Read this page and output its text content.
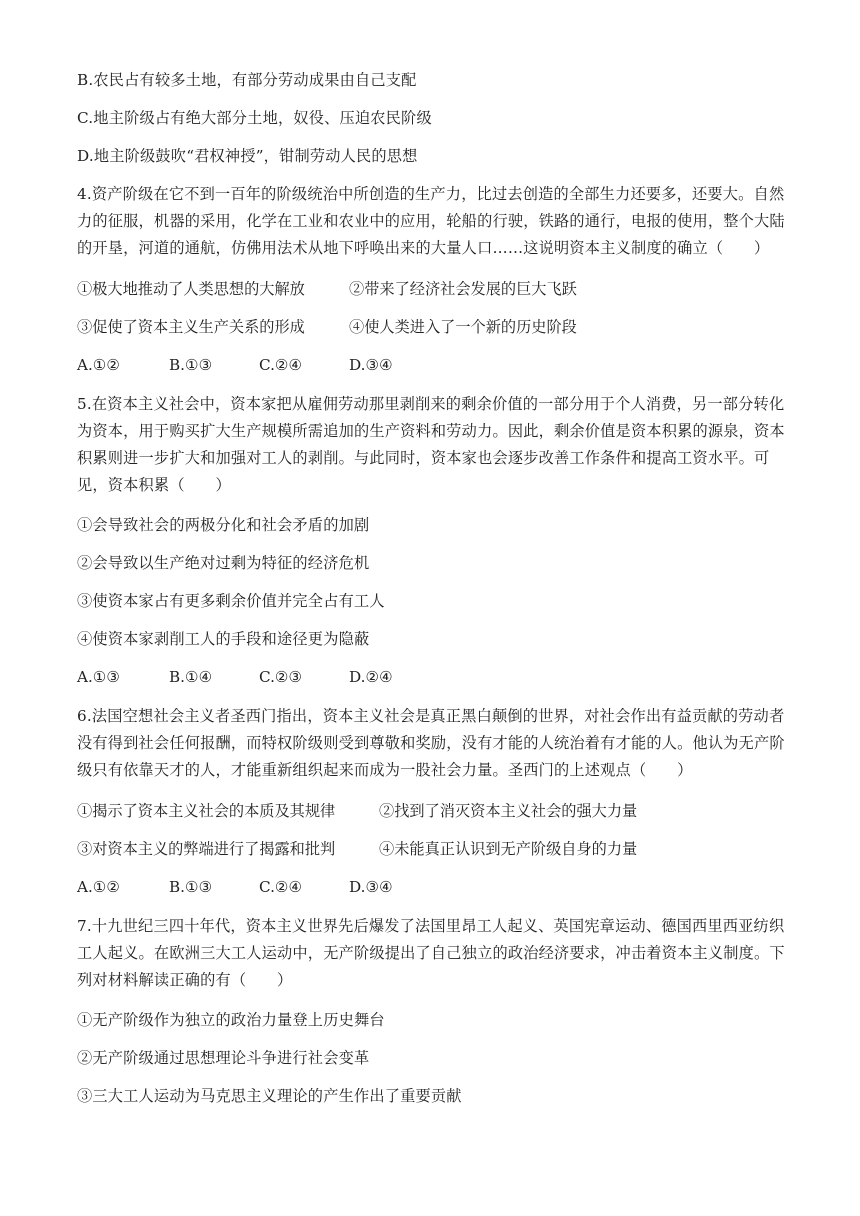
B.农民占有较多土地，有部分劳动成果由自己支配
C.地主阶级占有绝大部分土地，奴役、压迫农民阶级
D.地主阶级鼓吹“君权神授”，钳制劳动人民的思想
4.资产阶级在它不到一百年的阶级统治中所创造的生产力，比过去创造的全部生力还要多，还要大。自然力的征服，机器的采用，化学在工业和农业中的应用，轮船的行驶，铁路的通行，电报的使用，整个大陆的开垦，河道的通航，仿佛用法术从地下呼唤出来的大量人口……这说明资本主义制度的确立（　　）
①极大地推动了人类思想的大解放	②带来了经济社会发展的巨大飞跃
③促使了资本主义生产关系的形成	④使人类进入了一个新的历史阶段
A.①②	B.①③	C.②④	D.③④
5.在资本主义社会中，资本家把从雇佣劳动那里剥削来的剩余价值的一部分用于个人消费，另一部分转化为资本，用于购买扩大生产规模所需追加的生产资料和劳动力。因此，剩余价值是资本积累的源泉，资本积累则进一步扩大和加强对工人的剥削。与此同时，资本家也会逐步改善工作条件和提高工资水平。可见，资本积累（　　）
①会导致社会的两极分化和社会矛盾的加剧
②会导致以生产绝对过剩为特征的经济危机
③使资本家占有更多剩余价值并完全占有工人
④使资本家剥削工人的手段和途径更为隐蔽
A.①③	B.①④	C.②③	D.②④
6.法国空想社会主义者圣西门指出，资本主义社会是真正黑白颠倒的世界，对社会作出有益贡献的劳动者没有得到社会任何报酬，而特权阶级则受到尊敬和奖励，没有才能的人统治着有才能的人。他认为无产阶级只有依靠天才的人，才能重新组织起来而成为一股社会力量。圣西门的上述观点（　　）
①揭示了资本主义社会的本质及其规律	②找到了消灭资本主义社会的强大力量
③对资本主义的弊端进行了揭露和批判	④未能真正认识到无产阶级自身的力量
A.①②	B.①③	C.②④	D.③④
7.十九世纪三四十年代，资本主义世界先后爆发了法国里昂工人起义、英国宪章运动、德国西里西亚纺织工人起义。在欧洲三大工人运动中，无产阶级提出了自己独立的政治经济要求，冲击着资本主义制度。下列对材料解读正确的有（　　）
①无产阶级作为独立的政治力量登上历史舞台
②无产阶级通过思想理论斗争进行社会变革
③三大工人运动为马克思主义理论的产生作出了重要贡献
